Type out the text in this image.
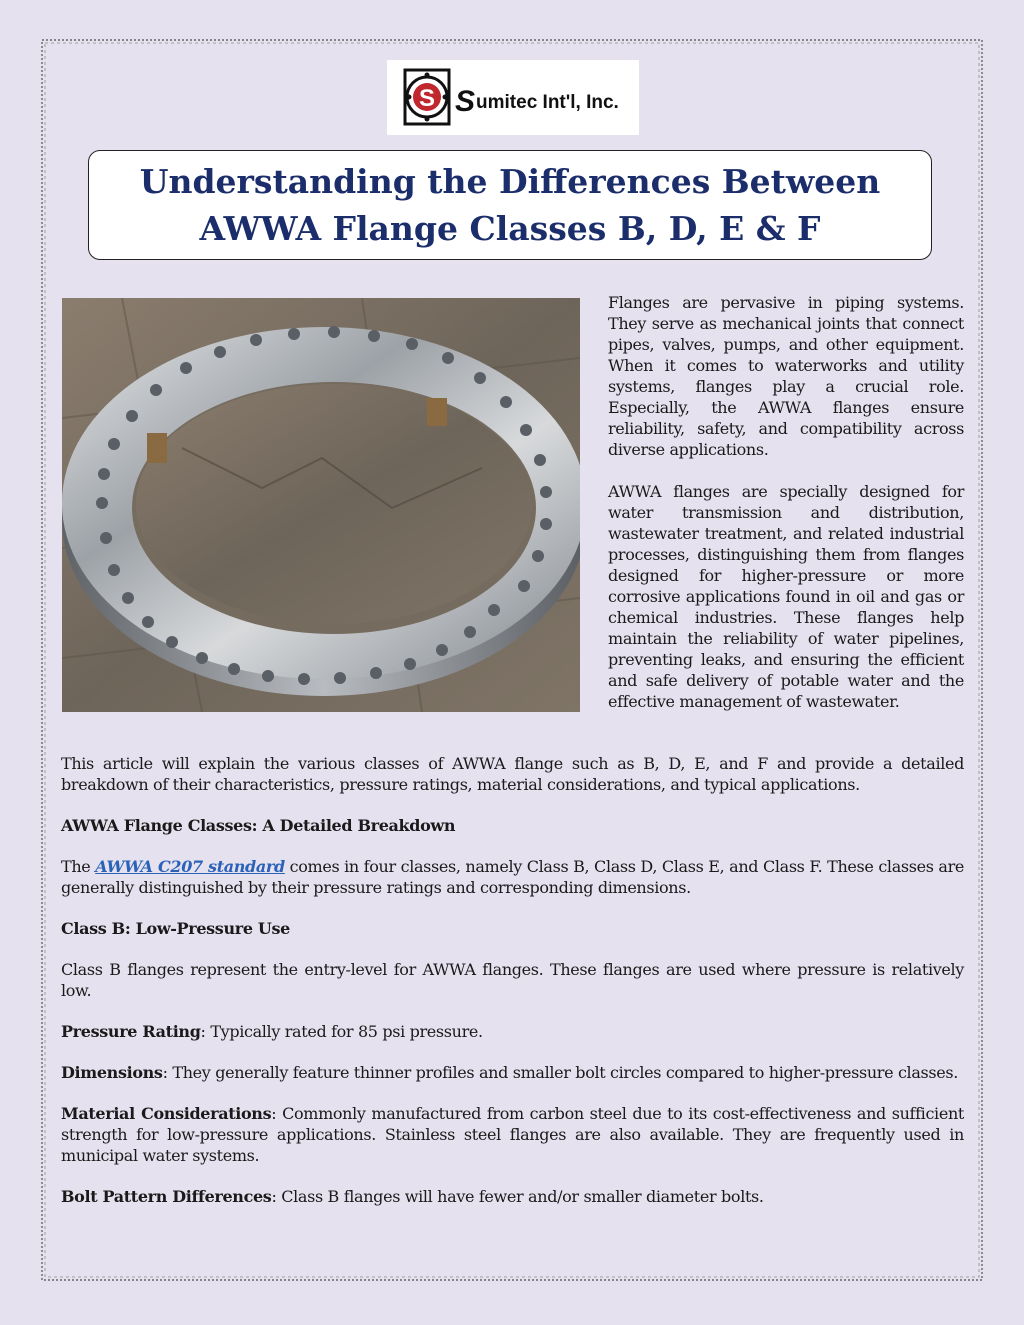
S Sumitec Int'l, Inc.
Understanding the Differences Between
AWWA Flange Classes B, D, E & F

Flanges are pervasive in piping systems. They serve as mechanical joints that connect pipes, valves, pumps, and other equipment. When it comes to waterworks and utility systems, flanges play a crucial role. Especially, the AWWA flanges ensure reliability, safety, and compatibility across diverse applications.

AWWA flanges are specially designed for water transmission and distribution, wastewater treatment, and related industrial processes, distinguishing them from flanges designed for higher-pressure or more corrosive applications found in oil and gas or chemical industries. These flanges help maintain the reliability of water pipelines, preventing leaks, and ensuring the efficient and safe delivery of potable water and the effective management of wastewater.

This article will explain the various classes of AWWA flange such as B, D, E, and F and provide a detailed breakdown of their characteristics, pressure ratings, material considerations, and typical applications.

AWWA Flange Classes: A Detailed Breakdown

The AWWA C207 standard comes in four classes, namely Class B, Class D, Class E, and Class F. These classes are generally distinguished by their pressure ratings and corresponding dimensions.

Class B: Low-Pressure Use

Class B flanges represent the entry-level for AWWA flanges. These flanges are used where pressure is relatively low.

Pressure Rating: Typically rated for 85 psi pressure.

Dimensions: They generally feature thinner profiles and smaller bolt circles compared to higher-pressure classes.

Material Considerations: Commonly manufactured from carbon steel due to its cost-effectiveness and sufficient strength for low-pressure applications. Stainless steel flanges are also available. They are frequently used in municipal water systems.

Bolt Pattern Differences: Class B flanges will have fewer and/or smaller diameter bolts.
